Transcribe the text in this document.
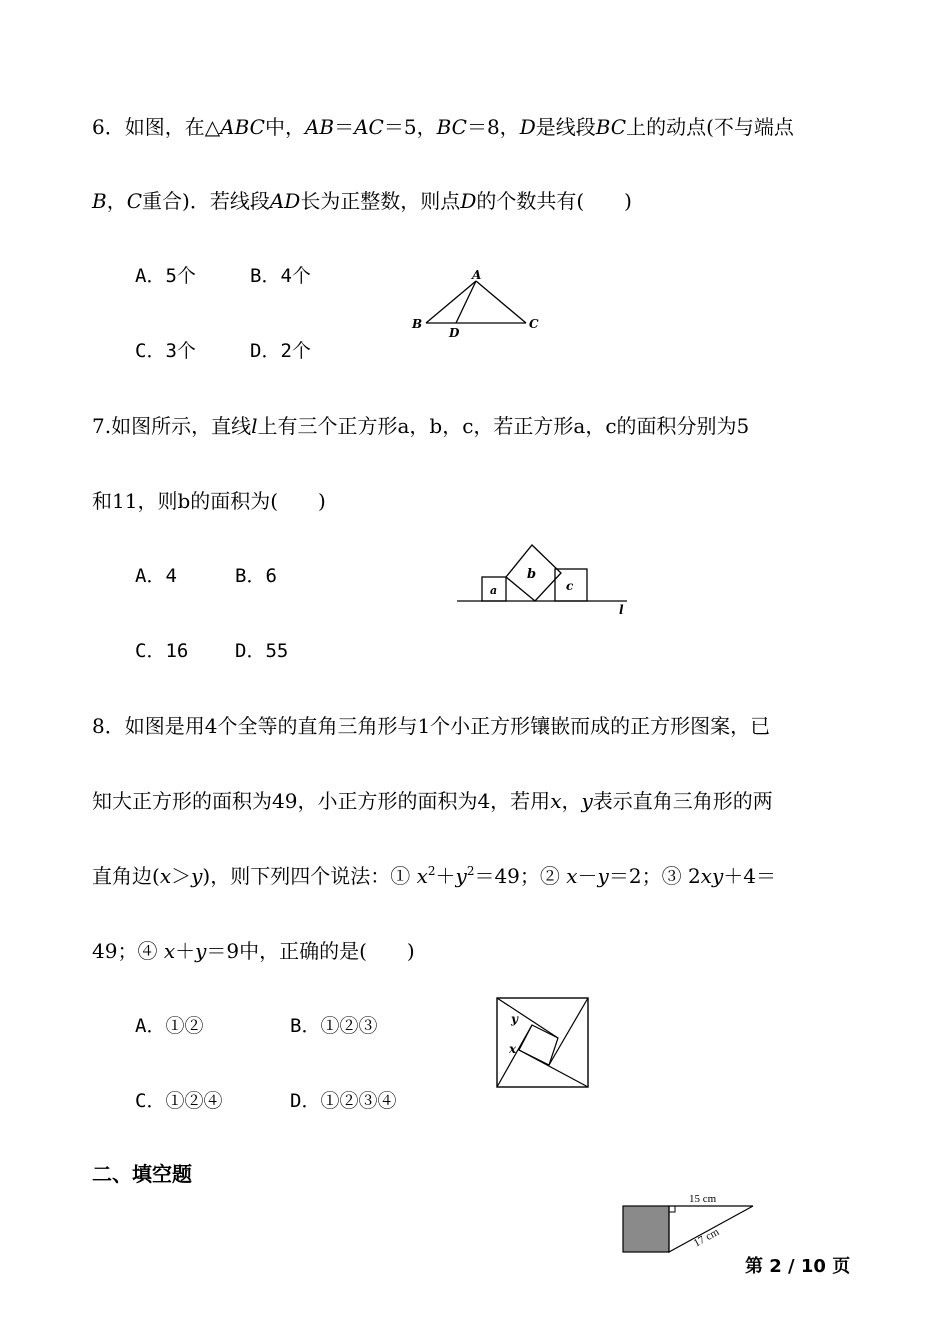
6．如图，在△ABC中，AB＝AC＝5，BC＝8，D是线段BC上的动点(不与端点
B，C重合)．若线段AD长为正整数，则点D的个数共有(　　)
A．5个	B．4个
C．3个	D．2个
A
B	C
D
7.如图所示，直线l上有三个正方形a，b，c，若正方形a，c的面积分别为5
和11，则b的面积为(　　)
A．4	B．6
C．16 D．55
a
b
c
l
8．如图是用4个全等的直角三角形与1个小正方形镶嵌而成的正方形图案，已
知大正方形的面积为49，小正方形的面积为4，若用x，y表示直角三角形的两
直角边(x＞y)，则下列四个说法：① $x^2+y^2=49$；② x－y＝2；③ 2xy＋4＝
49；④ x＋y＝9中，正确的是(　　)
A．①②	B．①②③
C．①②④	D．①②③④
y
x
二、填空题
15 cm
17 cm
第 2 / 10 页
